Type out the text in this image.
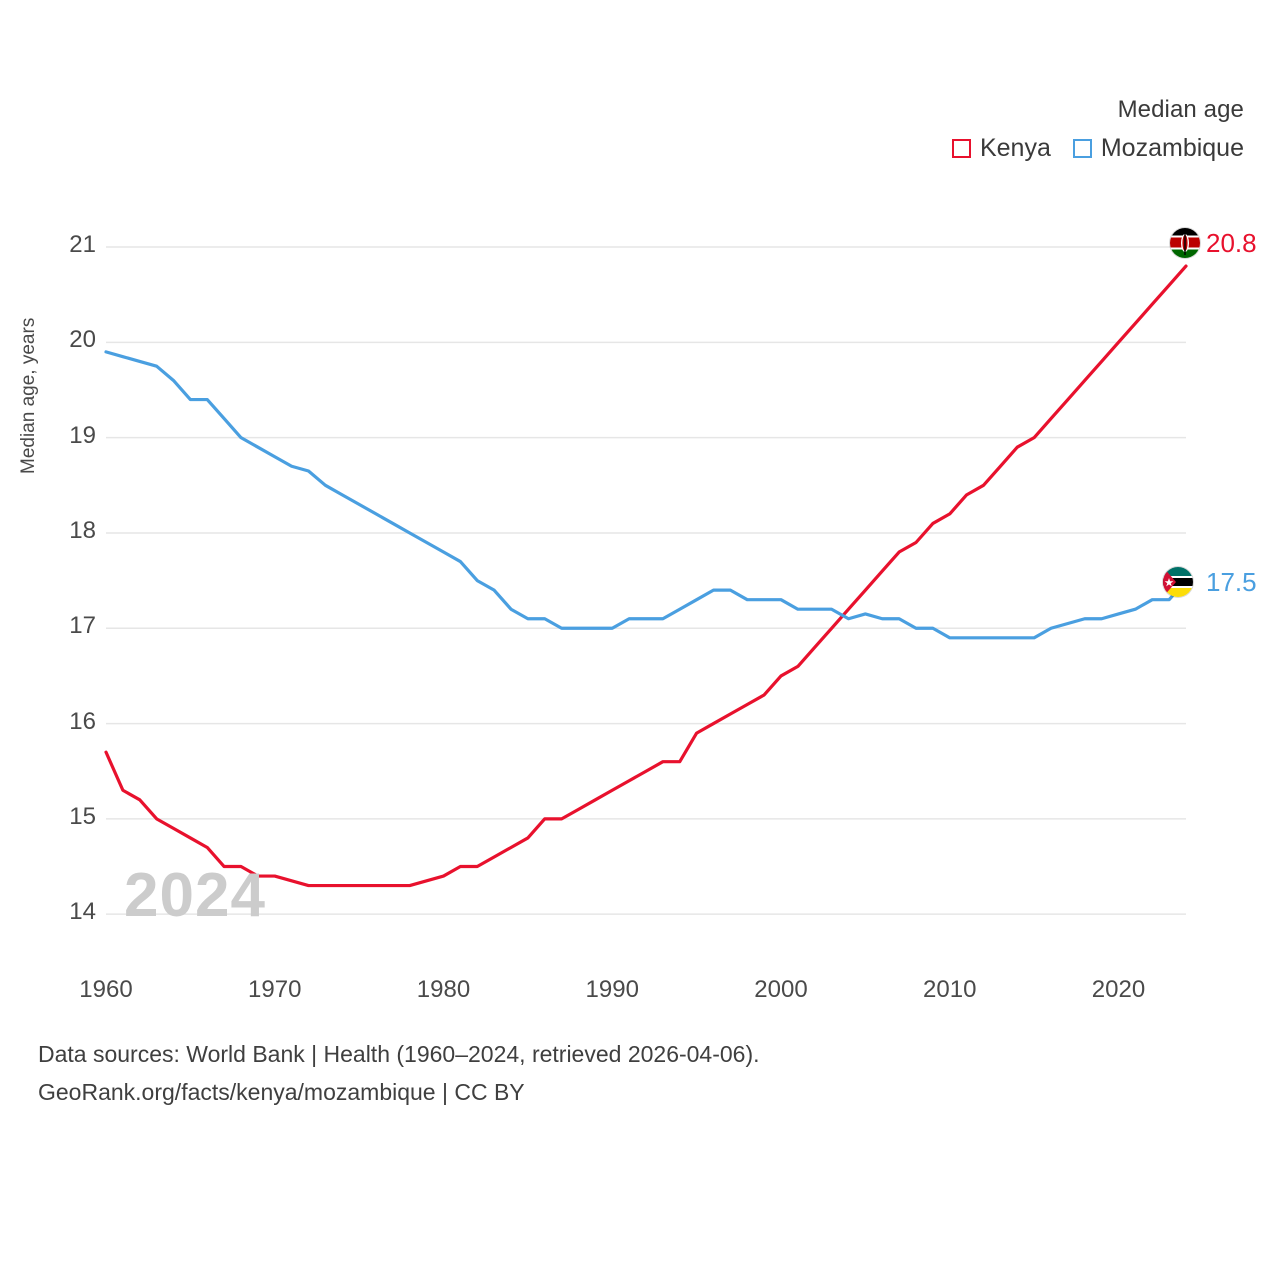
Median age
Kenya Mozambique
Median age, years
14
15
16
17
18
19
20
21
1960	1970	1980	1990	2000	2010	2020
2024
20.8
17.5
Data sources: World Bank | Health (1960–2024, retrieved 2026-04-06).
GeoRank.org/facts/kenya/mozambique | CC BY
